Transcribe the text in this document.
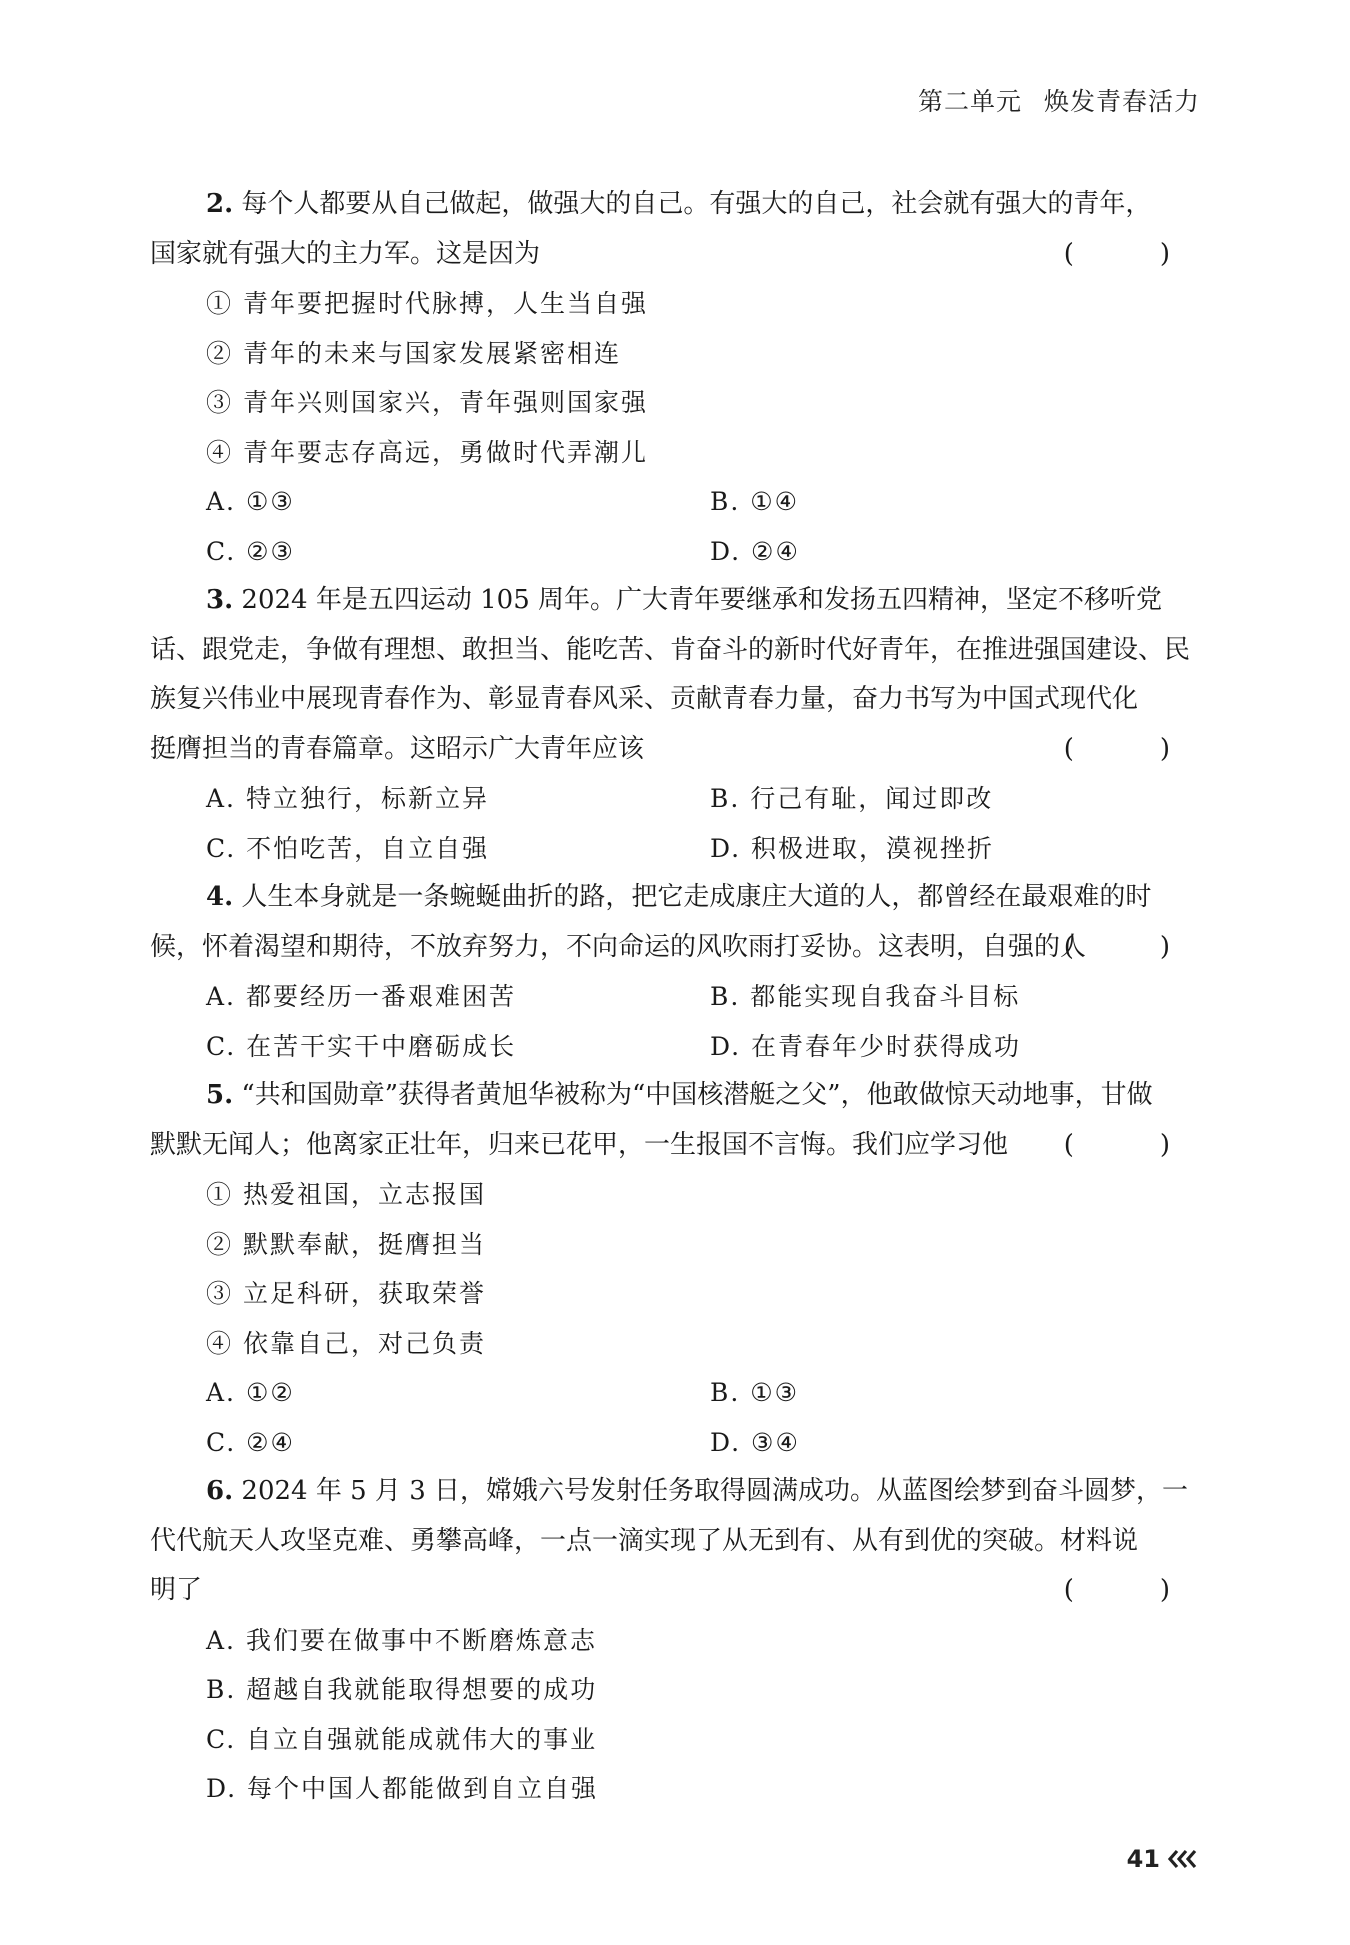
第二单元 焕发青春活力
2. 每个人都要从自己做起，做强大的自己。有强大的自己，社会就有强大的青年，
国家就有强大的主力军。这是因为	(　)
① 青年要把握时代脉搏，人生当自强
② 青年的未来与国家发展紧密相连
③ 青年兴则国家兴，青年强则国家强
④ 青年要志存高远，勇做时代弄潮儿
A. ①③	B. ①④
C. ②③	D. ②④
3. 2024 年是五四运动 105 周年。广大青年要继承和发扬五四精神，坚定不移听党
话、跟党走，争做有理想、敢担当、能吃苦、肯奋斗的新时代好青年，在推进强国建设、民
族复兴伟业中展现青春作为、彰显青春风采、贡献青春力量，奋力书写为中国式现代化
挺膺担当的青春篇章。这昭示广大青年应该	(　)
A. 特立独行，标新立异	B. 行己有耻，闻过即改
C. 不怕吃苦，自立自强	D. 积极进取，漠视挫折
4. 人生本身就是一条蜿蜒曲折的路，把它走成康庄大道的人，都曾经在最艰难的时
候，怀着渴望和期待，不放弃努力，不向命运的风吹雨打妥协。这表明，自强的人
(　)
A. 都要经历一番艰难困苦	B. 都能实现自我奋斗目标
C. 在苦干实干中磨砺成长	D. 在青春年少时获得成功
5. “共和国勋章”获得者黄旭华被称为“中国核潜艇之父”，他敢做惊天动地事，甘做
默默无闻人；他离家正壮年，归来已花甲，一生报国不言悔。我们应学习他 (　)
① 热爱祖国，立志报国
② 默默奉献，挺膺担当
③ 立足科研，获取荣誉
④ 依靠自己，对己负责
A. ①②	B. ①③
C. ②④	D. ③④
6. 2024 年 5 月 3 日，嫦娥六号发射任务取得圆满成功。从蓝图绘梦到奋斗圆梦，一
代代航天人攻坚克难、勇攀高峰，一点一滴实现了从无到有、从有到优的突破。材料说
明了	(　)
A. 我们要在做事中不断磨炼意志
B. 超越自我就能取得想要的成功
C. 自立自强就能成就伟大的事业
D. 每个中国人都能做到自立自强
41
